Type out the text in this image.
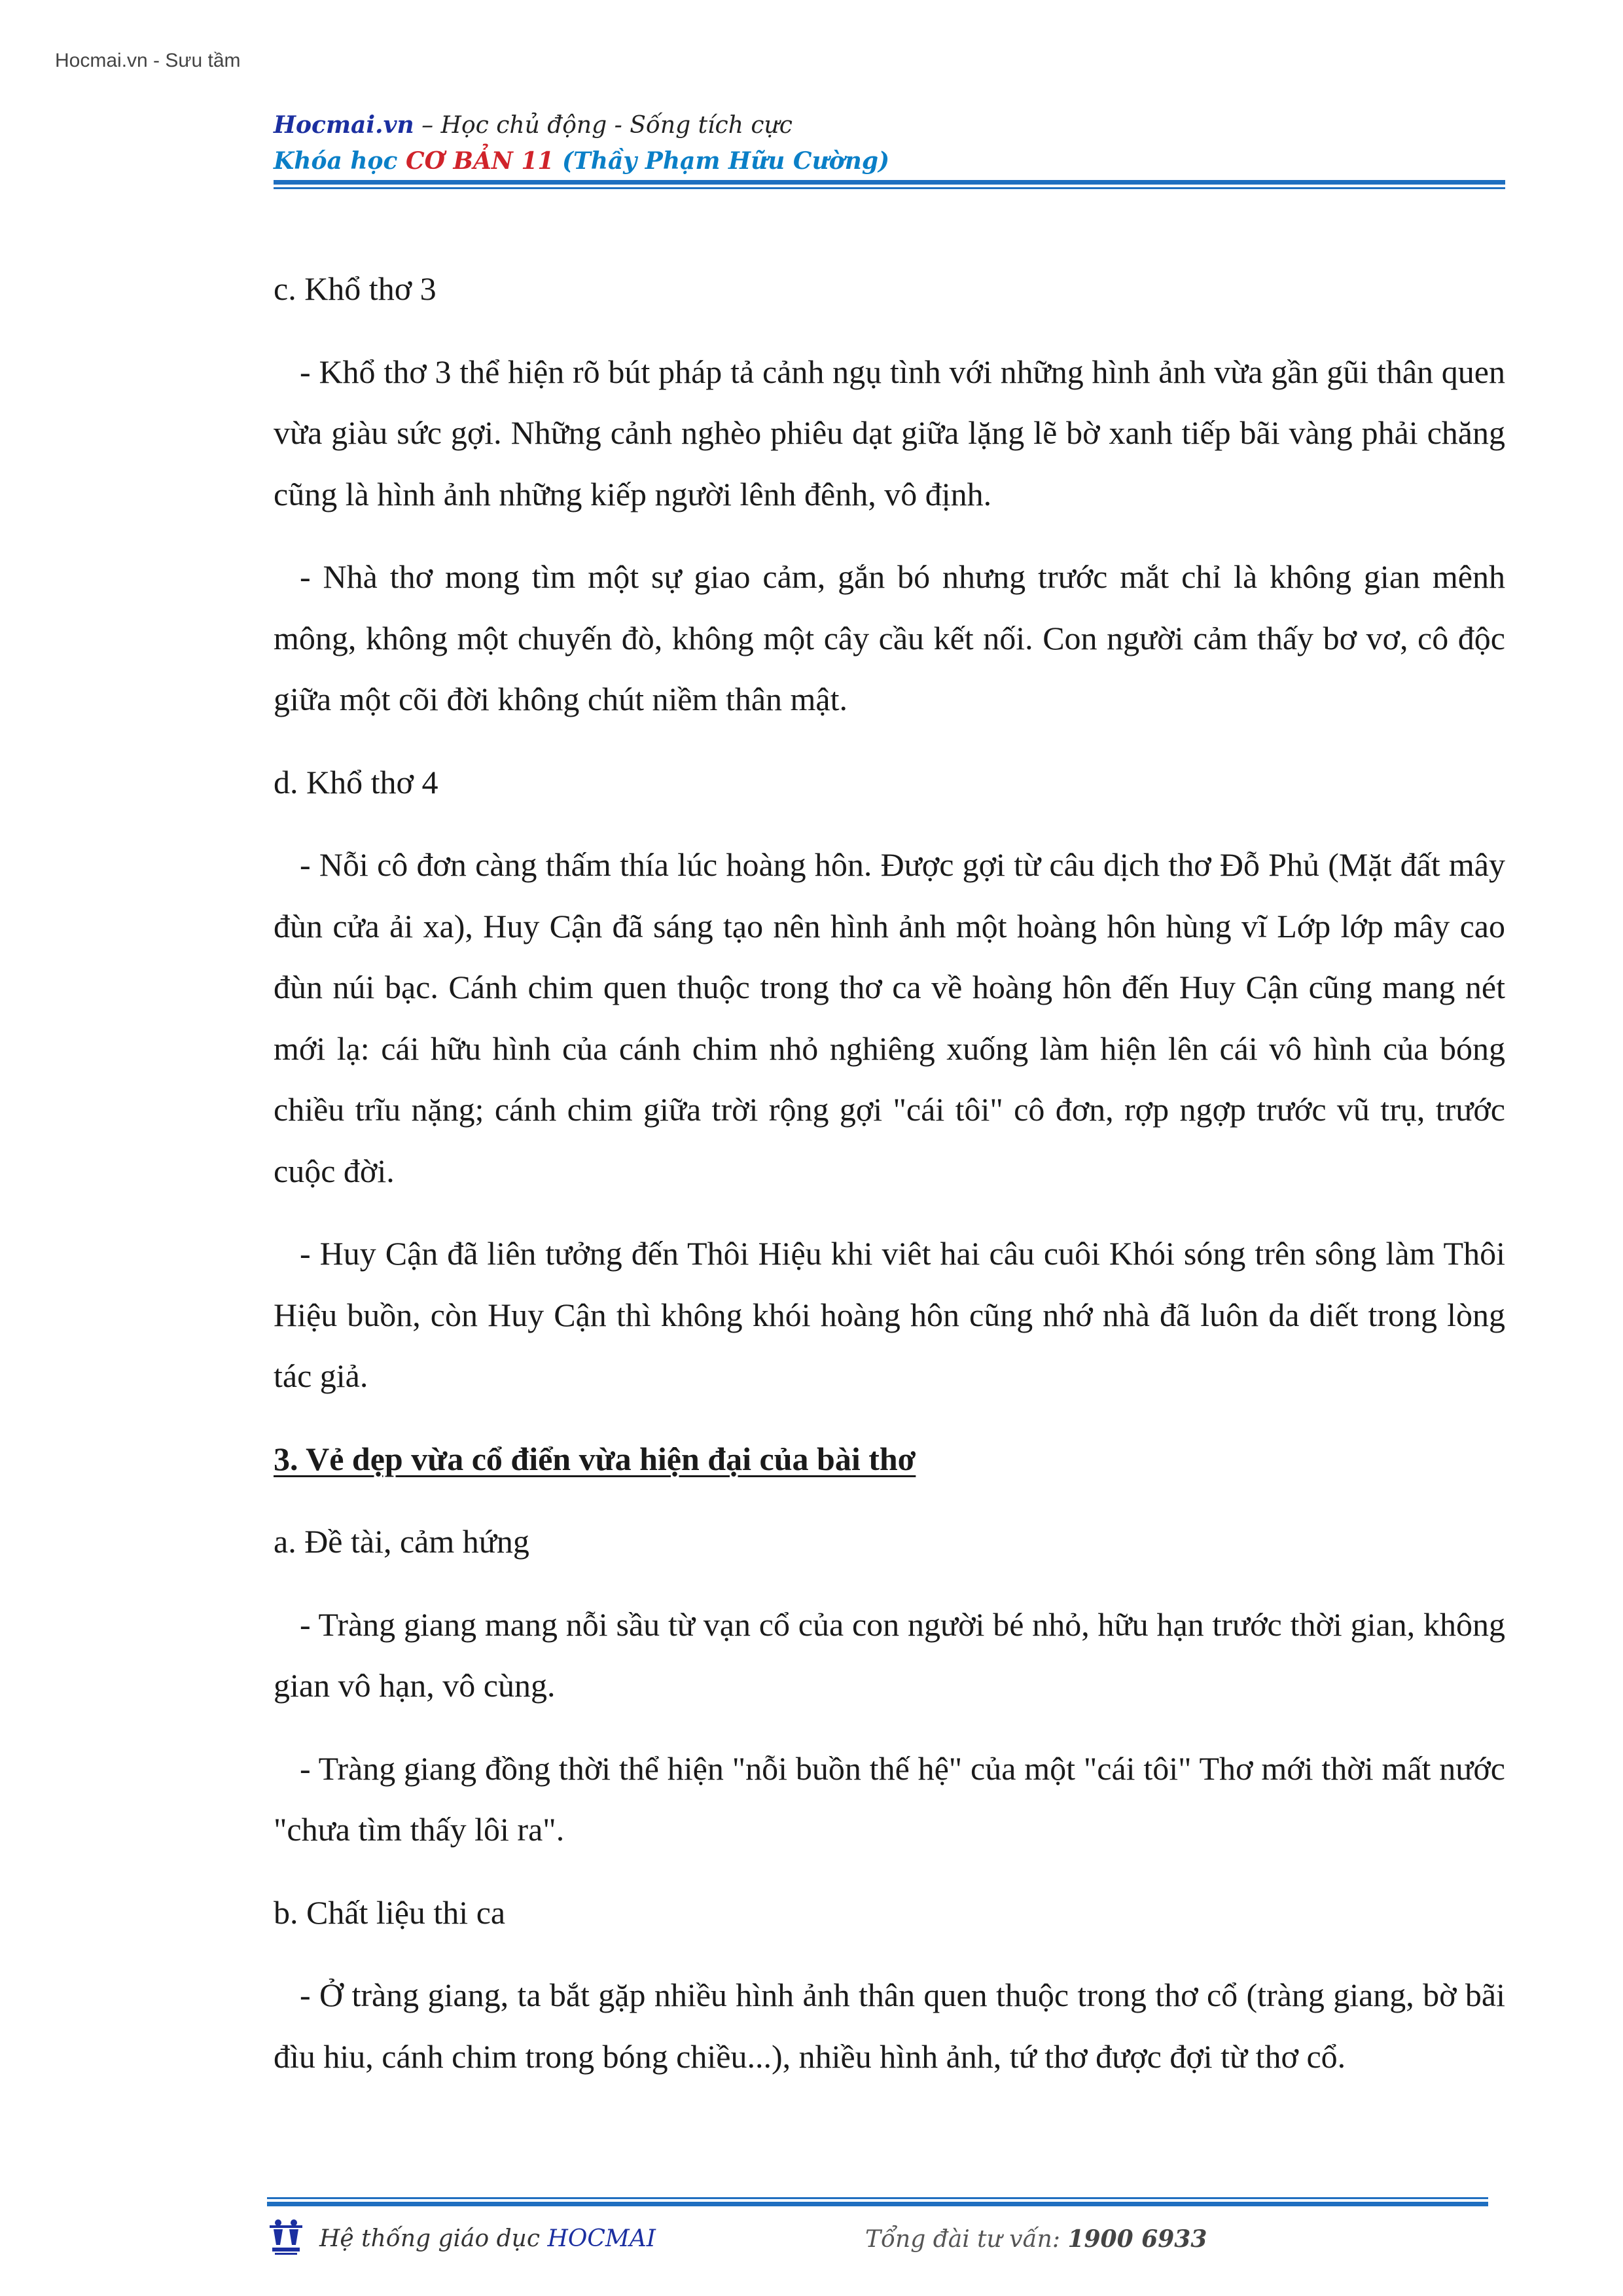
Hocmai.vn - Sưu tầm
Hocmai.vn – Học chủ động - Sống tích cực
Khóa học CƠ BẢN 11 (Thầy Phạm Hữu Cường)

c. Khổ thơ 3

- Khổ thơ 3 thể hiện rõ bút pháp tả cảnh ngụ tình với những hình ảnh vừa gần gũi thân quen vừa giàu sức gợi. Những cảnh nghèo phiêu dạt giữa lặng lẽ bờ xanh tiếp bãi vàng phải chăng cũng là hình ảnh những kiếp người lênh đênh, vô định.

- Nhà thơ mong tìm một sự giao cảm, gắn bó nhưng trước mắt chỉ là không gian mênh mông, không một chuyến đò, không một cây cầu kết nối. Con người cảm thấy bơ vơ, cô độc giữa một cõi đời không chút niềm thân mật.

d. Khổ thơ 4

- Nỗi cô đơn càng thấm thía lúc hoàng hôn. Được gợi từ câu dịch thơ Đỗ Phủ (Mặt đất mây đùn cửa ải xa), Huy Cận đã sáng tạo nên hình ảnh một hoàng hôn hùng vĩ Lớp lớp mây cao đùn núi bạc. Cánh chim quen thuộc trong thơ ca về hoàng hôn đến Huy Cận cũng mang nét mới lạ: cái hữu hình của cánh chim nhỏ nghiêng xuống làm hiện lên cái vô hình của bóng chiều trĩu nặng; cánh chim giữa trời rộng gợi "cái tôi" cô đơn, rợp ngợp trước vũ trụ, trước cuộc đời.

- Huy Cận đã liên tưởng đến Thôi Hiệu khi viêt hai câu cuôi Khói sóng trên sông làm Thôi Hiệu buồn, còn Huy Cận thì không khói hoàng hôn cũng nhớ nhà đã luôn da diết trong lòng tác giả.

3. Vẻ dẹp vừa cổ điển vừa hiện đại của bài thơ

a. Đề tài, cảm hứng

- Tràng giang mang nỗi sầu từ vạn cổ của con người bé nhỏ, hữu hạn trước thời gian, không gian vô hạn, vô cùng.

- Tràng giang đồng thời thể hiện "nỗi buồn thế hệ" của một "cái tôi" Thơ mới thời mất nước "chưa tìm thấy lôi ra".

b. Chất liệu thi ca

- Ở tràng giang, ta bắt gặp nhiều hình ảnh thân quen thuộc trong thơ cổ (tràng giang, bờ bãi đìu hiu, cánh chim trong bóng chiều...), nhiều hình ảnh, tứ thơ được đợi từ thơ cổ.

Hệ thống giáo dục HOCMAI	Tổng đài tư vấn: 1900 6933
